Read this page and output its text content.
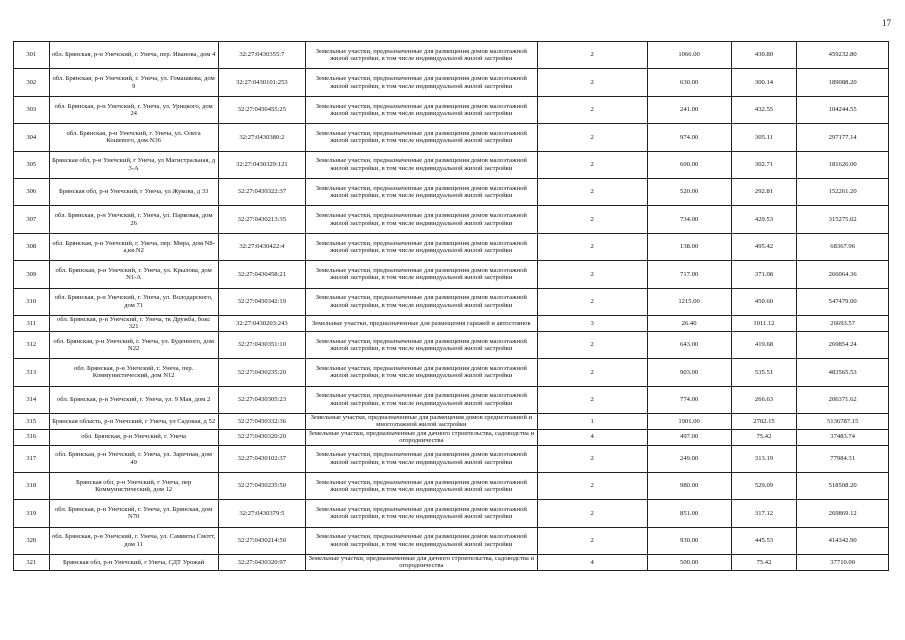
17
301	обл. Брянская, р-н Унечский, г. Унеча, пер. Иванова, дом 4	32:27:0430355:7	Земельные участки, предназначенные для размещения домов малоэтажной жилой застройки, в том числе индивидуальной жилой застройки	2	1066.00	430.80	459232.80
302	обл. Брянская, р-н Унечский, г. Унеча, ул. Гомашкова, дом 9	32:27:0430101:253	Земельные участки, предназначенные для размещения домов малоэтажной жилой застройки, в том числе индивидуальной жилой застройки	2	630.00	300.14	189088.20
303	обл. Брянская, р-н Унечский, г. Унеча, ул. Урицкого, дом 24	32:27:0430455:25	Земельные участки, предназначенные для размещения домов малоэтажной жилой застройки, в том числе индивидуальной жилой застройки	2	241.00	432.55	104244.55
304	обл. Брянская, р-н Унечский, г. Унеча, ул. Олега Кошевого, дом N36	32:27:0430380:2	Земельные участки, предназначенные для размещения домов малоэтажной жилой застройки, в том числе индивидуальной жилой застройки	2	974.00	305.11	297177.14
305	Брянская обл, р-н Унечский, г Унеча, ул Магистральная, д 3-А	32:27:0430329:121	Земельные участки, предназначенные для размещения домов малоэтажной жилой застройки, в том числе индивидуальной жилой застройки	2	600.00	302.71	181626.00
306	Брянская обл, р-н Унечский, г Унеча, ул Жукова, д 33	32:27:0430322:37	Земельные участки, предназначенные для размещения домов малоэтажной жилой застройки, в том числе индивидуальной жилой застройки	2	520.00	292.81	152261.20
307	обл. Брянская, р-н Унечский, г. Унеча, ул. Парковая, дом 26	32:27:0430213:35	Земельные участки, предназначенные для размещения домов малоэтажной жилой застройки, в том числе индивидуальной жилой застройки	2	734.00	429.53	315275.02
308	обл. Брянская, р-н Унечский, г. Унеча, пер. Мира, дом N8-а,кв.N2	32:27:0430422:4	Земельные участки, предназначенные для размещения домов малоэтажной жилой застройки, в том числе индивидуальной жилой застройки	2	138.00	495.42	68367.96
309	обл. Брянская, р-н Унечский, г. Унеча, ул. Крылова, дом N1-А	32:27:0430458:21	Земельные участки, предназначенные для размещения домов малоэтажной жилой застройки, в том числе индивидуальной жилой застройки	2	717.00	371.08	266064.36
310	обл. Брянская, р-н Унечский, г. Унеча, ул. Володарского, дом 71	32:27:0430342:19	Земельные участки, предназначенные для размещения домов малоэтажной жилой застройки, в том числе индивидуальной жилой застройки	2	1215.00	450.60	547479.00
311	обл. Брянская, р-н Унечский, г. Унеча, тк Дружба, бокс 321	32:27:0430203:243	Земельные участки, предназначенные для размещения гаражей и автостоянок	3	26.40	1011.12	26693.57
312	обл. Брянская, р-н Унечский, г. Унеча, ул. Буденного, дом N22	32:27:0430351:10	Земельные участки, предназначенные для размещения домов малоэтажной жилой застройки, в том числе индивидуальной жилой застройки	2	643.00	419.68	269854.24
313	обл. Брянская, р-н Унечский, г. Унеча, пер. Коммунистический, дом N12	32:27:0430235:20	Земельные участки, предназначенные для размещения домов малоэтажной жилой застройки, в том числе индивидуальной жилой застройки	2	903.00	535.51	483565.53
314	обл. Брянская, р-н Унечский, г. Унеча, ул. 9 Мая, дом 2	32:27:0430305:23	Земельные участки, предназначенные для размещения домов малоэтажной жилой застройки, в том числе индивидуальной жилой застройки	2	774.00	266.63	206371.62
315	Брянская область, р-н Унечский, г Унеча, ул Садовая, д 52	32:27:0430332:36	Земельные участки, предназначенные для размещения домов среднеэтажной и многоэтажной жилой застройки	1	1901.00	2702.15	5136787.15
316	обл. Брянская, р-н Унечский, г. Унеча	32:27:0430320:20	Земельные участки, предназначенные для дачного строительства, садоводства и огородничества	4	497.00	75.42	37483.74
317	обл. Брянская, р-н Унечский, г. Унеча, ул. Заречная, дом 49	32:27:0430102:37	Земельные участки, предназначенные для размещения домов малоэтажной жилой застройки, в том числе индивидуальной жилой застройки	2	249.00	313.19	77984.31
318	Брянская обл, р-н Унечский, г Унеча, пер Коммунистический, дом 12	32:27:0430235:50	Земельные участки, предназначенные для размещения домов малоэтажной жилой застройки, в том числе индивидуальной жилой застройки	2	980.00	529.09	518508.20
319	обл. Брянская, р-н Унечский, г. Унеча, ул. Брянская, дом N70	32:27:0430379:5	Земельные участки, предназначенные для размещения домов малоэтажной жилой застройки, в том числе индивидуальной жилой застройки	2	851.00	317.12	269869.12
320	обл. Брянская, р-н Унечский, г. Унеча, ул. Самвиты Смотт, дом 11	32:27:0430214:50	Земельные участки, предназначенные для размещения домов малоэтажной жилой застройки, в том числе индивидуальной жилой застройки	2	930.00	445.53	414342.90
321	Брянская обл, р-н Унечский, г Унеча, СДТ Урожай	32:27:0430320:97	Земельные участки, предназначенные для дачного строительства, садоводства и огородничества	4	500.00	75.42	37710.00
